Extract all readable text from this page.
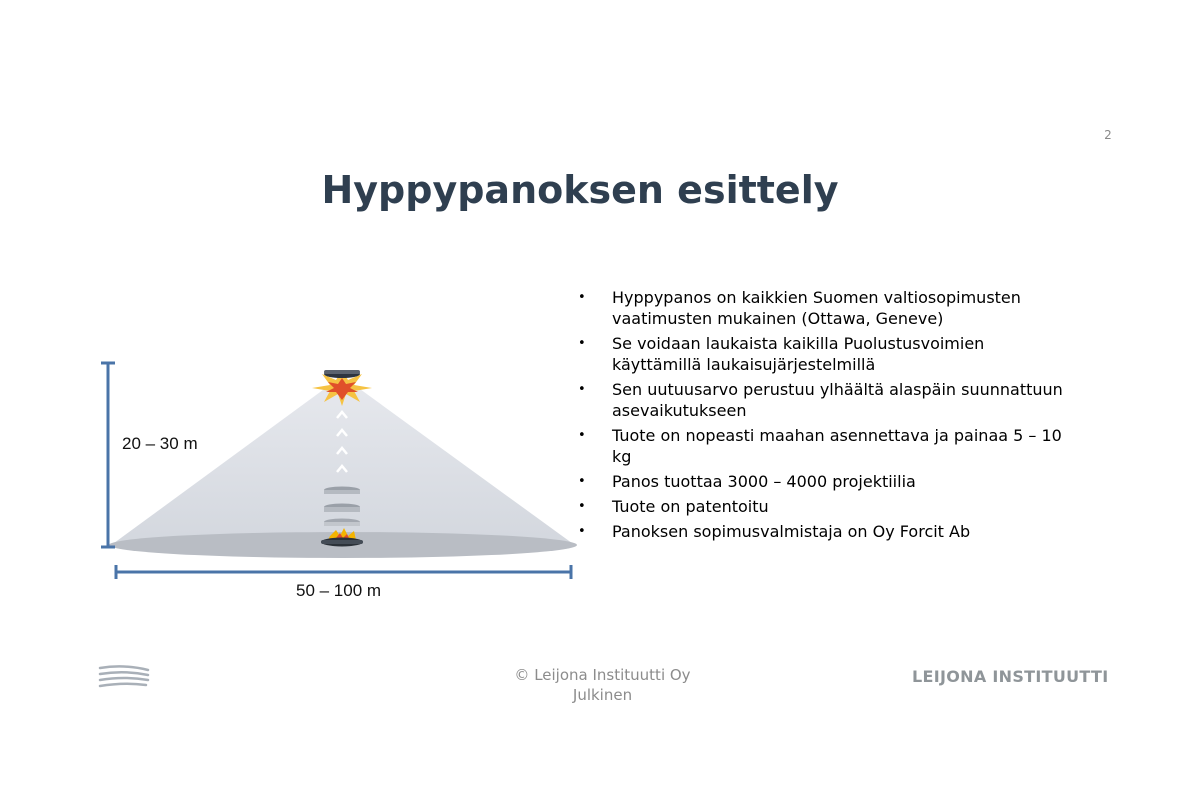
2
Hyppypanoksen esittely
20 – 30 m
50 – 100 m
• Hyppypanos on kaikkien Suomen valtiosopimusten vaatimusten mukainen (Ottawa, Geneve)
• Se voidaan laukaista kaikilla Puolustusvoimien käyttämillä laukaisujärjestelmillä
• Sen uutuusarvo perustuu ylhäältä alaspäin suunnattuun asevaikutukseen
• Tuote on nopeasti maahan asennettava ja painaa 5 – 10 kg
• Panos tuottaa 3000 – 4000 projektiilia
• Tuote on patentoitu
• Panoksen sopimusvalmistaja on Oy Forcit Ab
© Leijona Instituutti Oy
Julkinen
LEIJONA INSTITUUTTI
